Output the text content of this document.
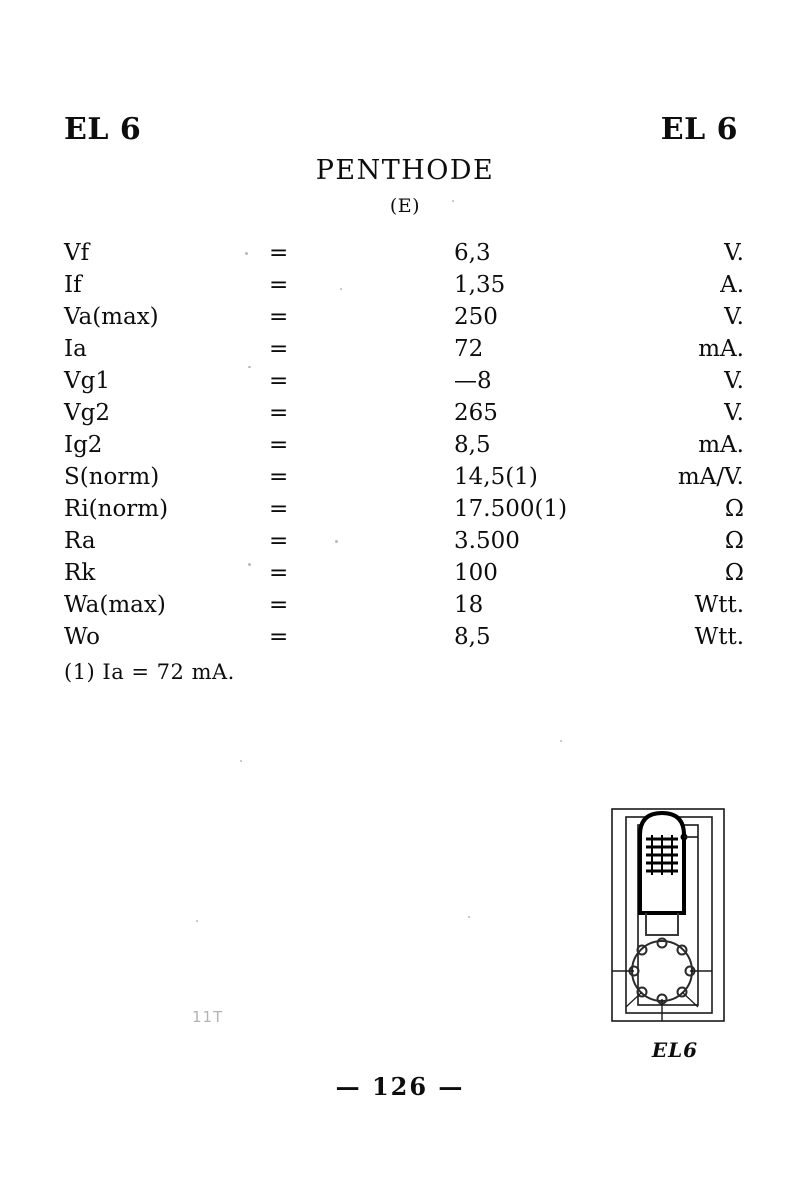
EL 6	EL 6
PENTHODE
(E)
Vf	=	6,3	V.
If	=	1,35	A.
Va(max)	=	250	V.
Ia	=	72	mA.
Vg1	=	—8	V.
Vg2	=	265	V.
Ig2	=	8,5	mA.
S(norm)	=	14,5(1)	mA/V.
Ri(norm)	=	17.500(1)	Ω
Ra	=	3.500	Ω
Rk	=	100	Ω
Wa(max)	=	18	Wtt.
Wo	=	8,5	Wtt.
(1) Ia = 72 mA.
11T
EL6
— 126 —
